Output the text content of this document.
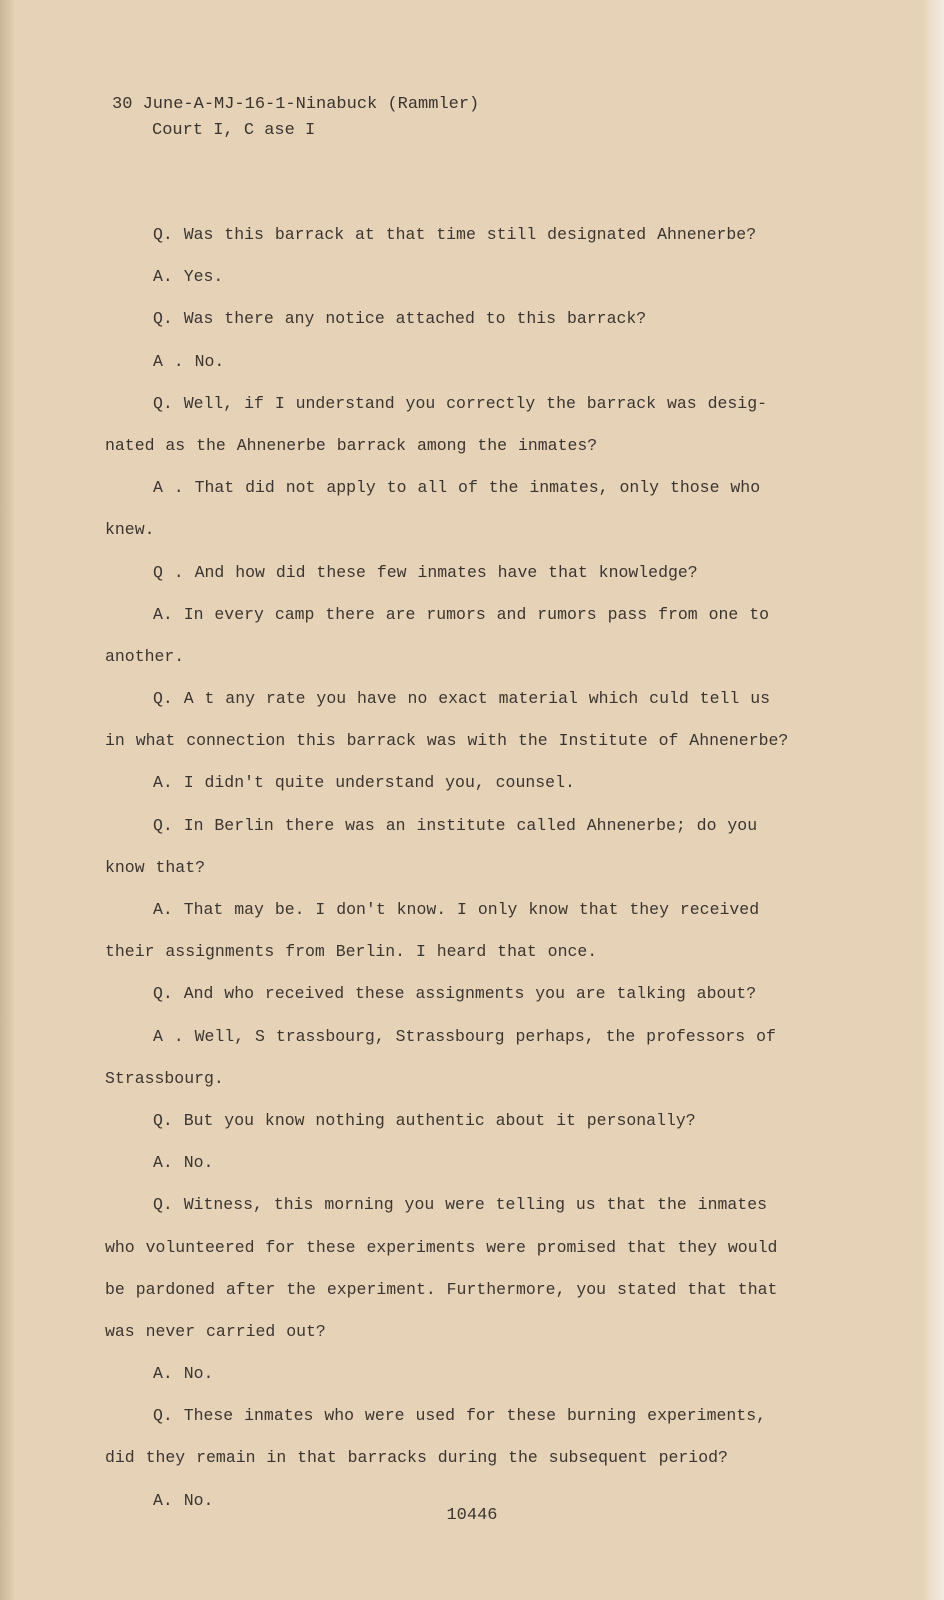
30 June-A-MJ-16-1-Ninabuck (Rammler)
Court I, C ase I
Q. Was this barrack at that time still designated Ahnenerbe?
A. Yes.
Q. Was there any notice attached to this barrack?
A . No.
Q. Well, if I understand you correctly the barrack was desig-
nated as the Ahnenerbe barrack among the inmates?
A . That did not apply to all of the inmates, only those who
knew.
Q . And how did these few inmates have that knowledge?
A. In every camp there are rumors and rumors pass from one to
another.
Q. A t any rate you have no exact material which culd tell us
in what connection this barrack was with the Institute of Ahnenerbe?
A. I didn't quite understand you, counsel.
Q. In Berlin there was an institute called Ahnenerbe; do you
know that?
A. That may be. I don't know. I only know that they received
their assignments from Berlin. I heard that once.
Q. And who received these assignments you are talking about?
A . Well, S trassbourg, Strassbourg perhaps, the professors of
Strassbourg.
Q. But you know nothing authentic about it personally?
A. No.
Q. Witness, this morning you were telling us that the inmates
who volunteered for these experiments were promised that they would
be pardoned after the experiment. Furthermore, you stated that that
was never carried out?
A. No.
Q. These inmates who were used for these burning experiments,
did they remain in that barracks during the subsequent period?
A. No.
10446
